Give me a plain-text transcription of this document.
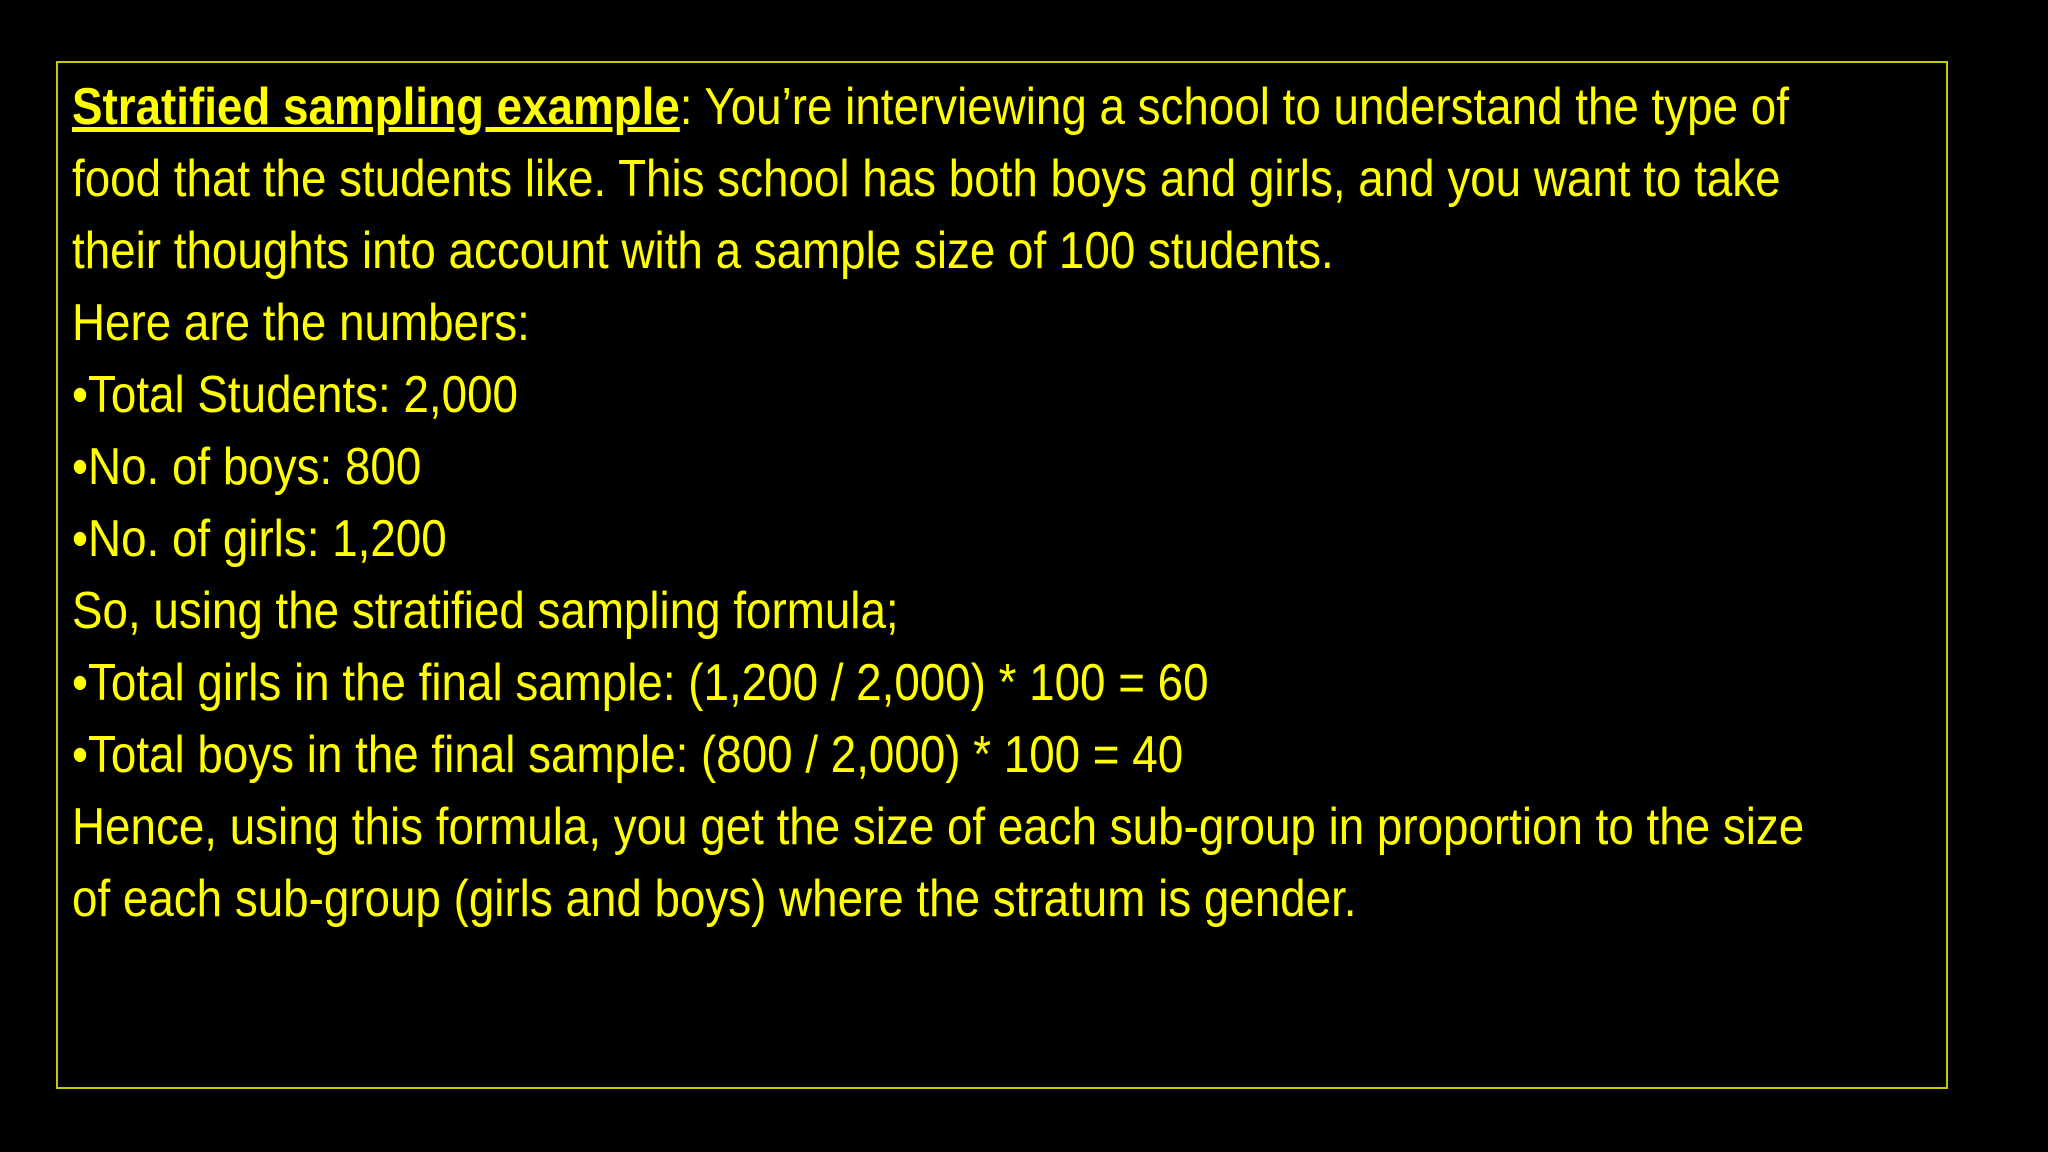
Stratified sampling example: You’re interviewing a school to understand the type of

food that the students like. This school has both boys and girls, and you want to take

their thoughts into account with a sample size of 100 students.

Here are the numbers:

•Total Students: 2,000

•No. of boys: 800

•No. of girls: 1,200

So, using the stratified sampling formula;

•Total girls in the final sample: (1,200 / 2,000) * 100 = 60

•Total boys in the final sample: (800 / 2,000) * 100 = 40

Hence, using this formula, you get the size of each sub-group in proportion to the size

of each sub-group (girls and boys) where the stratum is gender.
